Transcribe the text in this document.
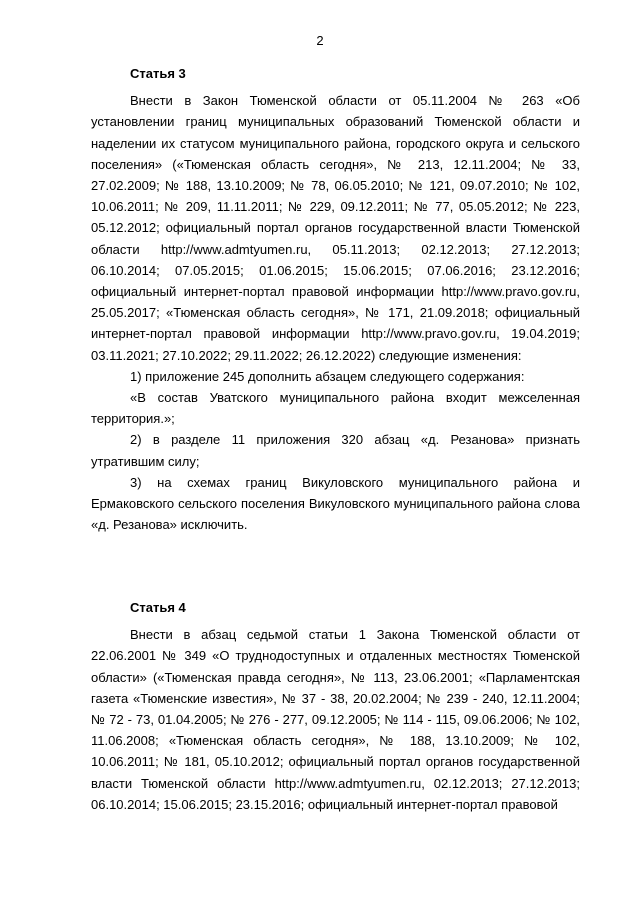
2
Статья 3

Внести в Закон Тюменской области от 05.11.2004 № 263 «Об установлении границ муниципальных образований Тюменской области и наделении их статусом муниципального района, городского округа и сельского поселения» («Тюменская область сегодня», № 213, 12.11.2004; № 33, 27.02.2009; № 188, 13.10.2009; № 78, 06.05.2010; № 121, 09.07.2010; № 102, 10.06.2011; № 209, 11.11.2011; № 229, 09.12.2011; № 77, 05.05.2012; № 223, 05.12.2012; официальный портал органов государственной власти Тюменской области http://www.admtyumen.ru, 05.11.2013; 02.12.2013; 27.12.2013; 06.10.2014; 07.05.2015; 01.06.2015; 15.06.2015; 07.06.2016; 23.12.2016; официальный интернет-портал правовой информации http://www.pravo.gov.ru, 25.05.2017; «Тюменская область сегодня», № 171, 21.09.2018; официальный интернет-портал правовой информации http://www.pravo.gov.ru, 19.04.2019; 03.11.2021; 27.10.2022; 29.11.2022; 26.12.2022) следующие изменения:

1) приложение 245 дополнить абзацем следующего содержания:

«В состав Уватского муниципального района входит межселенная территория.»;

2) в разделе 11 приложения 320 абзац «д. Резанова» признать утратившим силу;

3) на схемах границ Викуловского муниципального района и Ермаковского сельского поселения Викуловского муниципального района слова «д. Резанова» исключить.

Статья 4

Внести в абзац седьмой статьи 1 Закона Тюменской области от 22.06.2001 № 349 «О труднодоступных и отдаленных местностях Тюменской области» («Тюменская правда сегодня», № 113, 23.06.2001; «Парламентская газета «Тюменские известия», № 37 - 38, 20.02.2004; № 239 - 240, 12.11.2004; № 72 - 73, 01.04.2005; № 276 - 277, 09.12.2005; № 114 - 115, 09.06.2006; № 102, 11.06.2008; «Тюменская область сегодня», № 188, 13.10.2009; № 102, 10.06.2011; № 181, 05.10.2012; официальный портал органов государственной власти Тюменской области http://www.admtyumen.ru, 02.12.2013; 27.12.2013; 06.10.2014; 15.06.2015; 23.15.2016; официальный интернет-портал правовой
